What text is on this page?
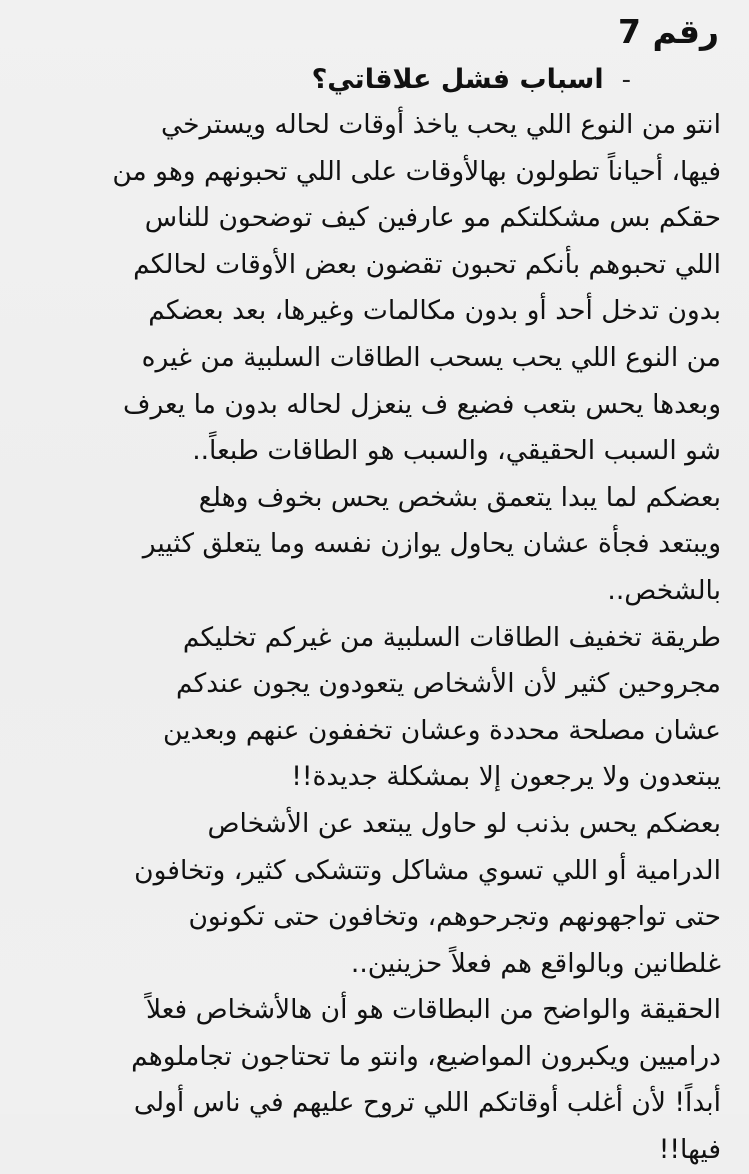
رقم 7
-
اسباب فشل علاقاتي؟
انتو من النوع اللي يحب ياخذ أوقات لحاله ويسترخي
فيها، أحياناً تطولون بهالأوقات على اللي تحبونهم وهو من
حقكم بس مشكلتكم مو عارفين كيف توضحون للناس
اللي تحبوهم بأنكم تحبون تقضون بعض الأوقات لحالكم
بدون تدخل أحد أو بدون مكالمات وغيرها، بعد بعضكم
من النوع اللي يحب يسحب الطاقات السلبية من غيره
وبعدها يحس بتعب فضيع ف ينعزل لحاله بدون ما يعرف
شو السبب الحقيقي، والسبب هو الطاقات طبعاً..
بعضكم لما يبدا يتعمق بشخص يحس بخوف وهلع
ويبتعد فجأة عشان يحاول يوازن نفسه وما يتعلق كثيير
بالشخص..
طريقة تخفيف الطاقات السلبية من غيركم تخليكم
مجروحين كثير لأن الأشخاص يتعودون يجون عندكم
عشان مصلحة محددة وعشان تخففون عنهم وبعدين
يبتعدون ولا يرجعون إلا بمشكلة جديدة!!
بعضكم يحس بذنب لو حاول يبتعد عن الأشخاص
الدرامية أو اللي تسوي مشاكل وتتشكى كثير، وتخافون
حتى تواجهونهم وتجرحوهم، وتخافون حتى تكونون
غلطانين وبالواقع هم فعلاً حزينين..
الحقيقة والواضح من البطاقات هو أن هالأشخاص فعلاً
دراميين ويكبرون المواضيع، وانتو ما تحتاجون تجاملوهم
أبداً! لأن أغلب أوقاتكم اللي تروح عليهم في ناس أولى
فيها!!
